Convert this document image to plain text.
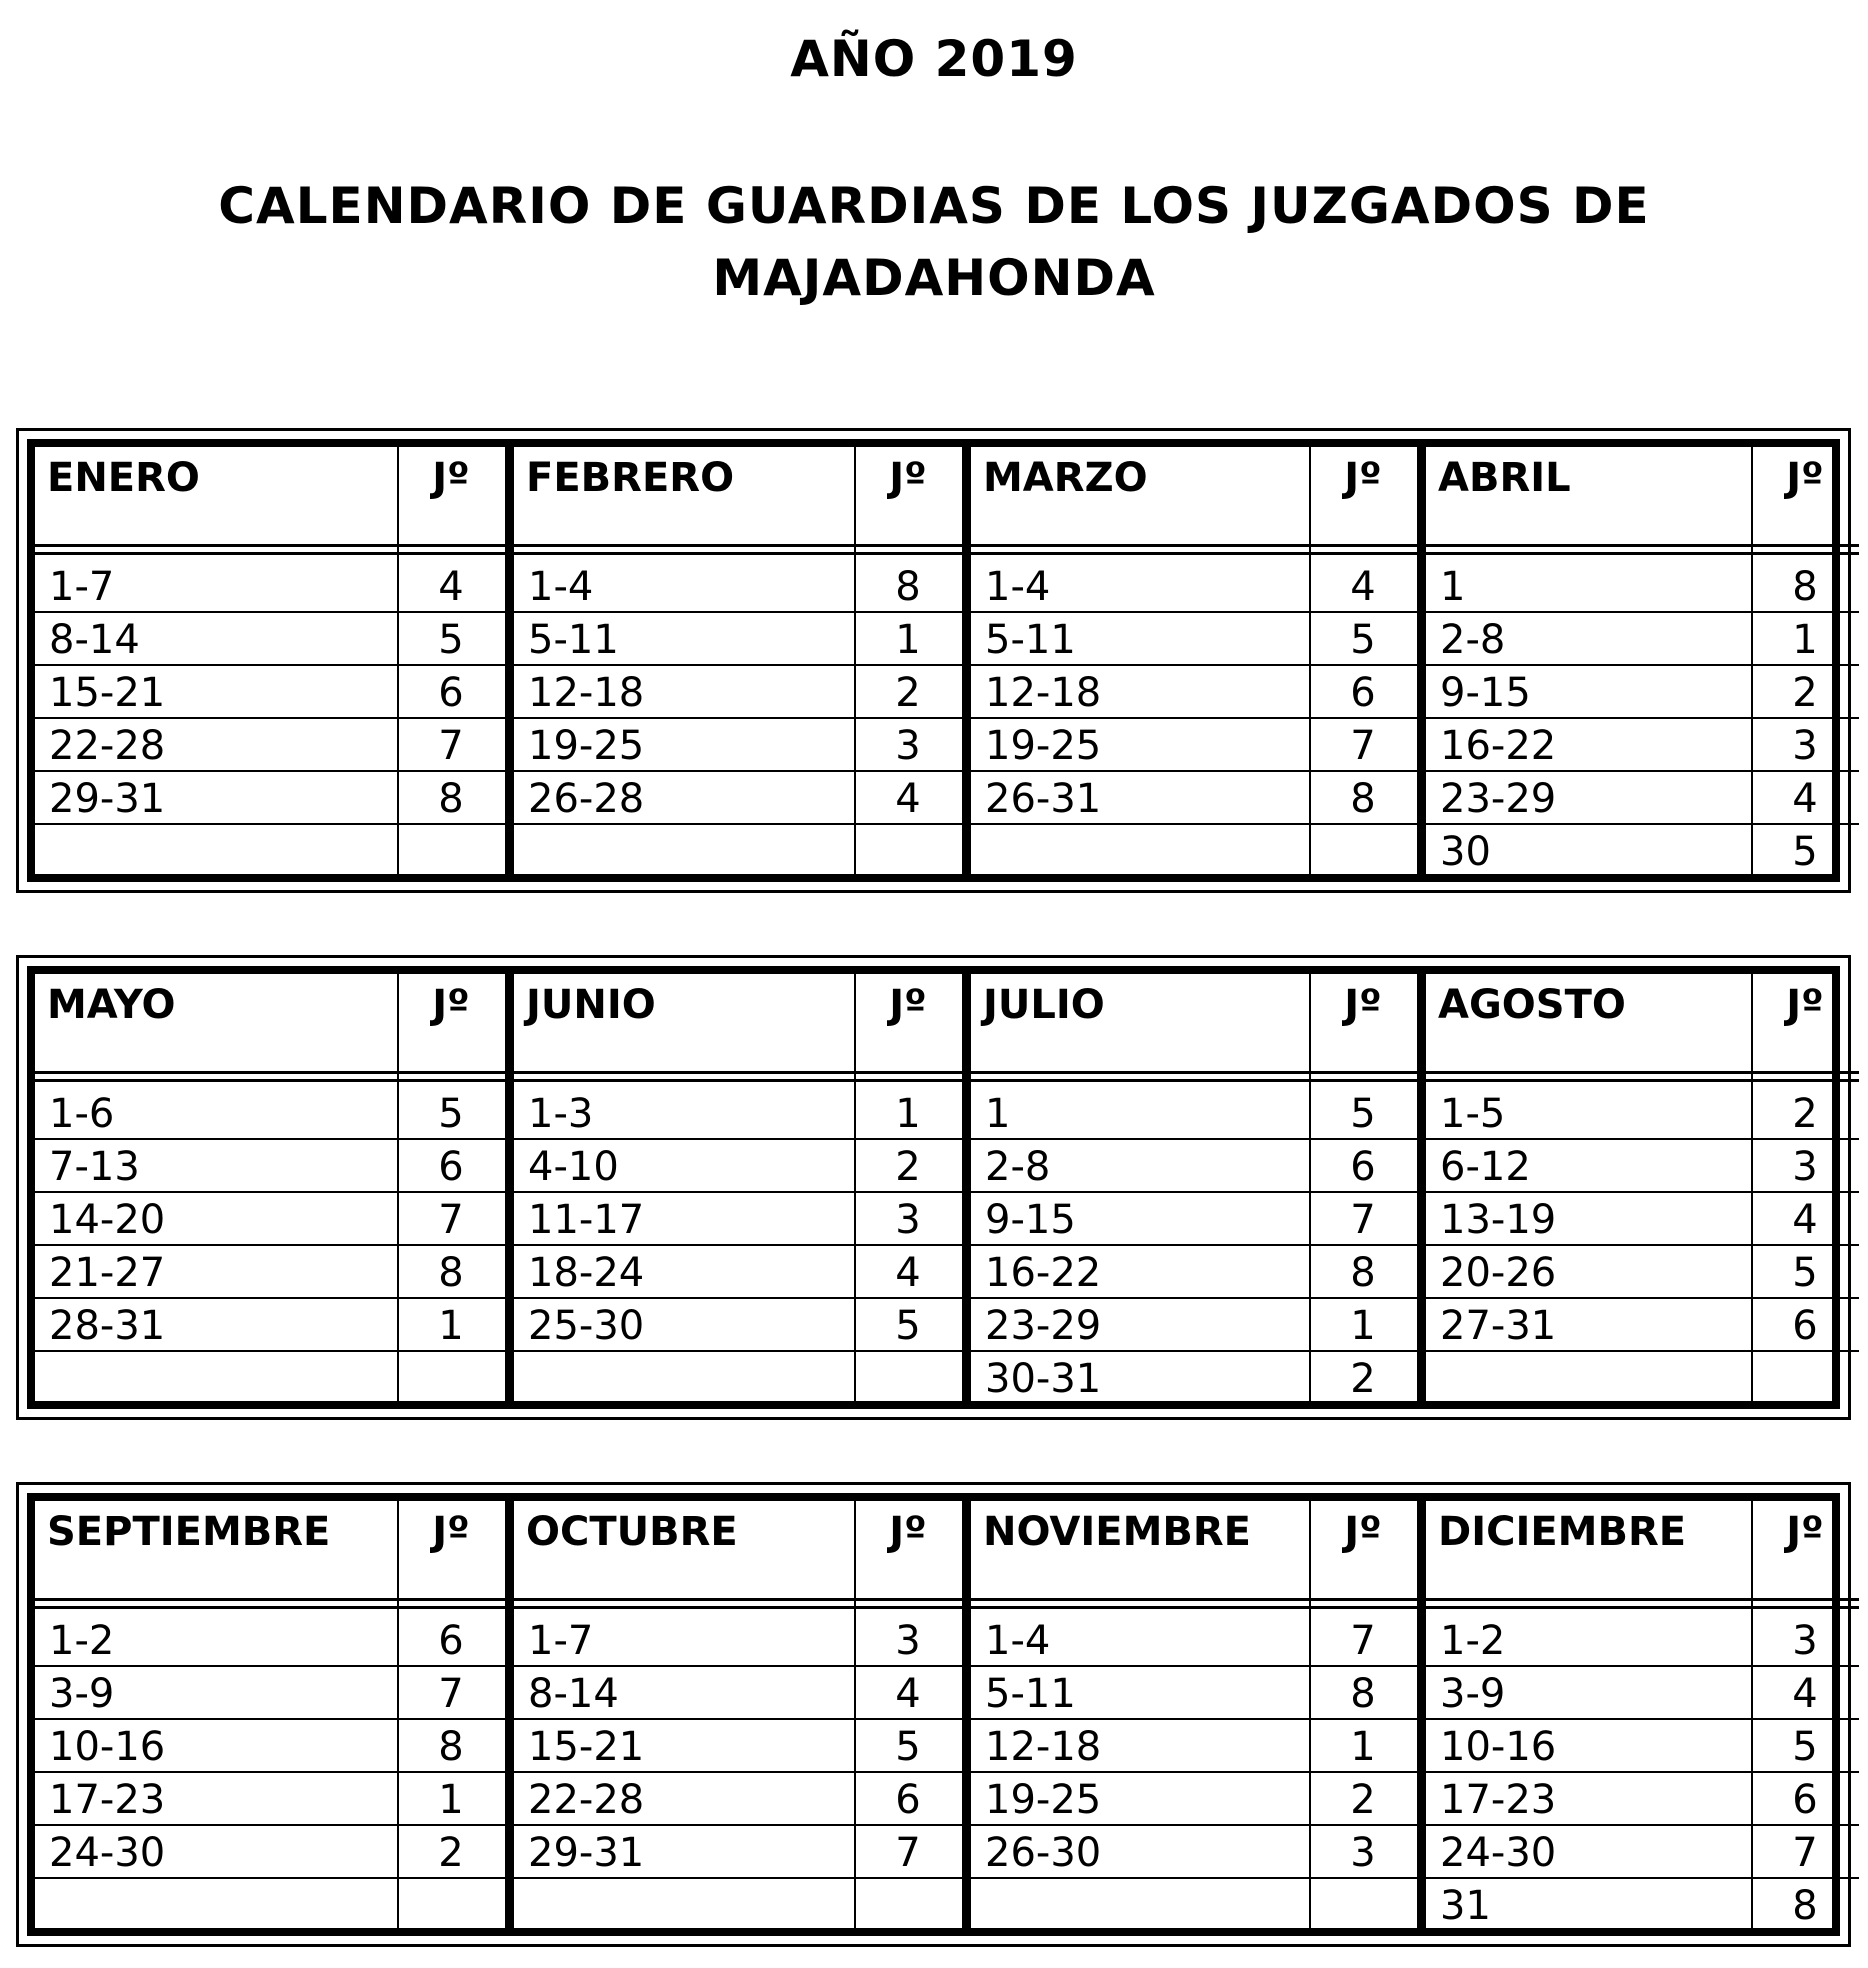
AÑO 2019
CALENDARIO DE GUARDIAS DE LOS JUZGADOS DE
MAJADAHONDA
ENERO	Jº
1-7	4
8-14	5
15-21	6
22-28	7
29-31	8
FEBRERO	Jº
1-4	8
5-11	1
12-18	2
19-25	3
26-28	4
MARZO	Jº
1-4	4
5-11	5
12-18	6
19-25	7
26-31	8
ABRIL	Jº
1	8
2-8	1
9-15	2
16-22	3
23-29	4
30	5
MAYO	Jº
1-6	5
7-13	6
14-20	7
21-27	8
28-31	1
JUNIO	Jº
1-3	1
4-10	2
11-17	3
18-24	4
25-30	5
JULIO	Jº
1	5
2-8	6
9-15	7
16-22	8
23-29	1
30-31	2
AGOSTO	Jº
1-5	2
6-12	3
13-19	4
20-26	5
27-31	6
SEPTIEMBRE	Jº
1-2	6
3-9	7
10-16	8
17-23	1
24-30	2
OCTUBRE	Jº
1-7	3
8-14	4
15-21	5
22-28	6
29-31	7
NOVIEMBRE	Jº
1-4	7
5-11	8
12-18	1
19-25	2
26-30	3
DICIEMBRE	Jº
1-2	3
3-9	4
10-16	5
17-23	6
24-30	7
31	8
